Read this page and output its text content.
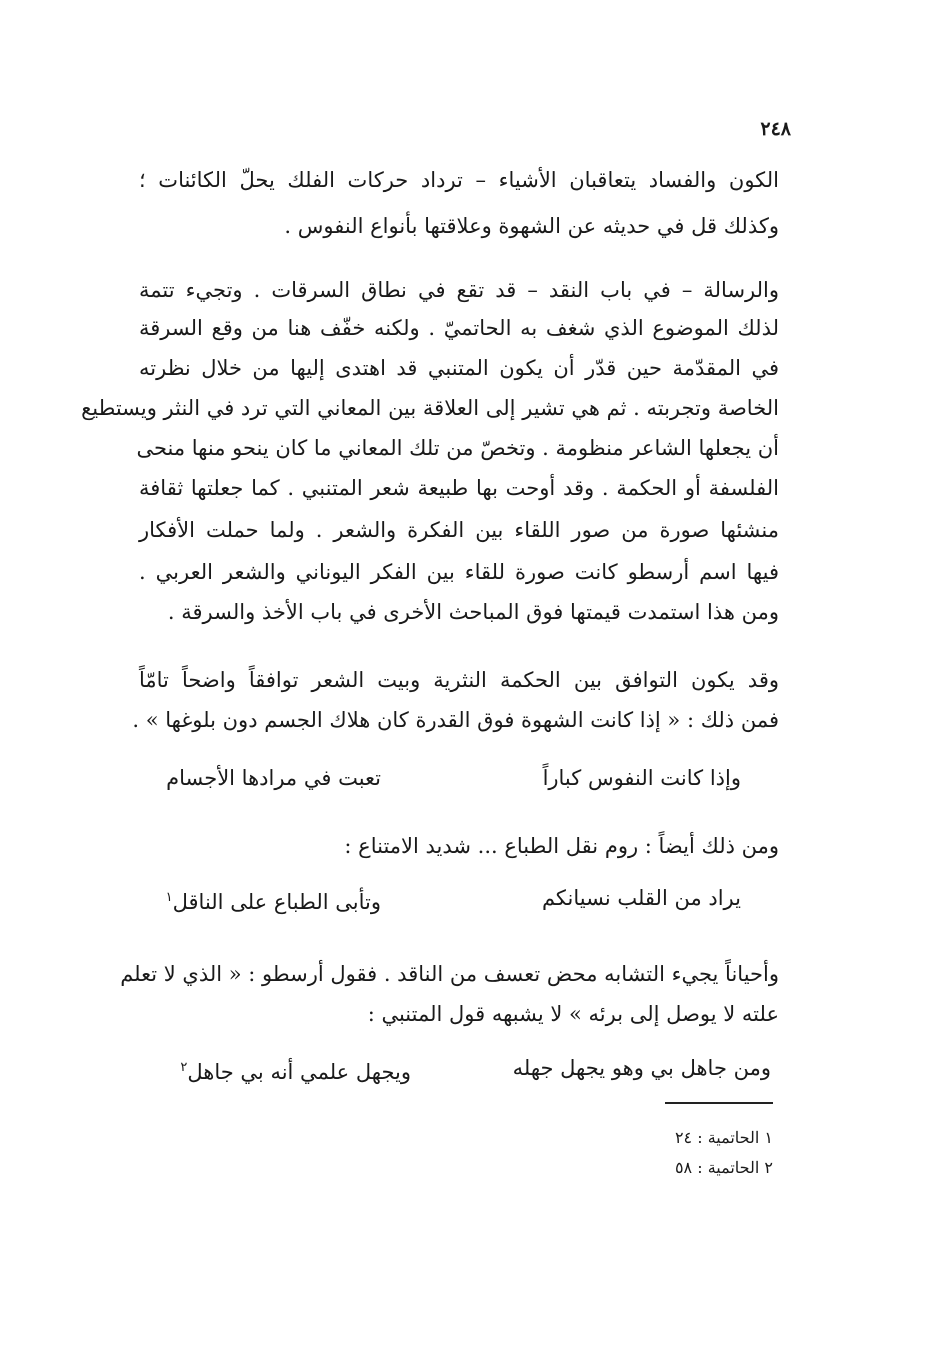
٢٤٨
الكون والفساد يتعاقبان الأشياء – ترداد حركات الفلك يحلّ الكائنات ؛
وكذلك قل في حديثه عن الشهوة وعلاقتها بأنواع النفوس .
والرسالة – في باب النقد – قد تقع في نطاق السرقات . وتجيء تتمة
لذلك الموضوع الذي شغف به الحاتميّ . ولكنه خفّف هنا من وقع السرقة
في المقدّمة حين قدّر أن يكون المتنبي قد اهتدى إليها من خلال نظرته
الخاصة وتجربته . ثم هي تشير إلى العلاقة بين المعاني التي ترد في النثر ويستطيع
أن يجعلها الشاعر منظومة . وتخصّ من تلك المعاني ما كان ينحو منها منحى
الفلسفة أو الحكمة . وقد أوحت بها طبيعة شعر المتنبي . كما جعلتها ثقافة
منشئها صورة من صور اللقاء بين الفكرة والشعر . ولما حملت الأفكار
فيها اسم أرسطو كانت صورة للقاء بين الفكر اليوناني والشعر العربي .
ومن هذا استمدت قيمتها فوق المباحث الأخرى في باب الأخذ والسرقة .
وقد يكون التوافق بين الحكمة النثرية وبيت الشعر توافقاً واضحاً تامّاً
فمن ذلك : « إذا كانت الشهوة فوق القدرة كان هلاك الجسم دون بلوغها » .
وإذا كانت النفوس كباراً
تعبت في مرادها الأجسام
ومن ذلك أيضاً : روم نقل الطباع ... شديد الامتناع :
يراد من القلب نسيانكم
وتأبى الطباع على الناقل$^١$
وأحياناً يجيء التشابه محض تعسف من الناقد . فقول أرسطو : « الذي لا تعلم
علته لا يوصل إلى برئه » لا يشبهه قول المتنبي :
ومن جاهل بي وهو يجهل جهله
ويجهل علمي أنه بي جاهل$^٢$
١ الحاتمية : ٢٤
٢ الحاتمية : ٥٨
